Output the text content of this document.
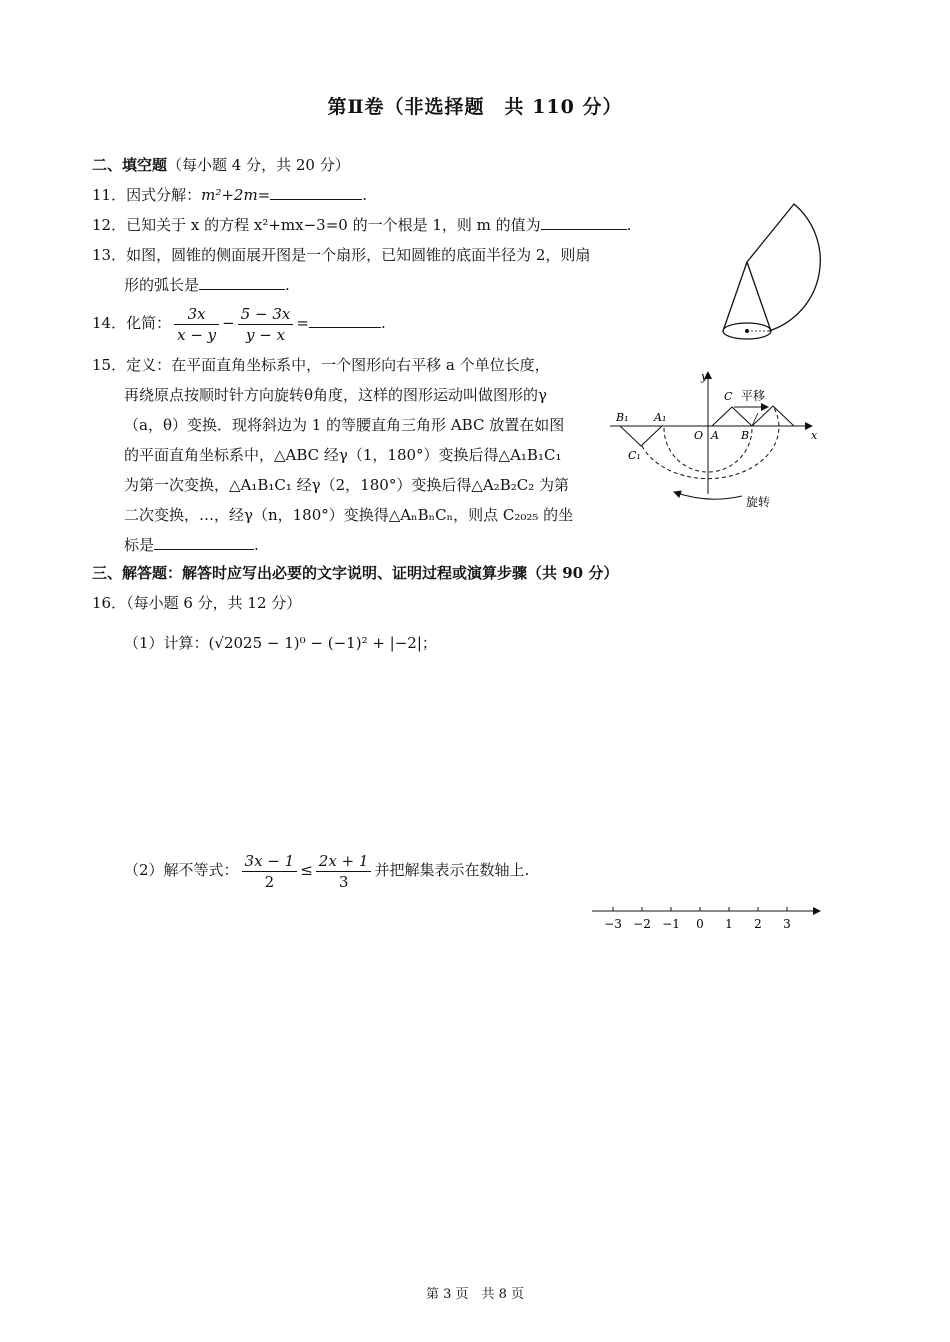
第Ⅱ卷（非选择题　共 110 分）
二、填空题（每小题 4 分，共 20 分）
11．因式分解：m²+2m=	.
12．已知关于 x 的方程 x²+mx−3=0 的一个根是 1，则 m 的值为	.
13．如图，圆锥的侧面展开图是一个扇形，已知圆锥的底面半径为 2，则扇
形的弧长是	.
14．化简： $\frac{3x}{x - y} - \frac{5 - 3x}{y - x}$ =	.
15．定义：在平面直角坐标系中，一个图形向右平移 a 个单位长度，
再绕原点按顺时针方向旋转θ角度，这样的图形运动叫做图形的γ
（a，θ）变换．现将斜边为 1 的等腰直角三角形 ABC 放置在如图
的平面直角坐标系中，△ABC 经γ（1，180°）变换后得△A₁B₁C₁
为第一次变换，△A₁B₁C₁ 经γ（2，180°）变换后得△A₂B₂C₂ 为第
二次变换，…，经γ（n，180°）变换得△AₙBₙCₙ，则点 C₂₀₂₅ 的坐
标是	.
y
x
O A B
C 平移
B₁ A₁
C₁
旋转
三、解答题：解答时应写出必要的文字说明、证明过程或演算步骤（共 90 分）
16．（每小题 6 分，共 12 分）
（1）计算：(√2025 − 1)⁰ − (−1)² + |−2|；
（2）解不等式： $\frac{3x - 1}{2} \le \frac{2x + 1}{3}$ 并把解集表示在数轴上.
−3 −2 −1 0 1 2 3
第 3 页　共 8 页
